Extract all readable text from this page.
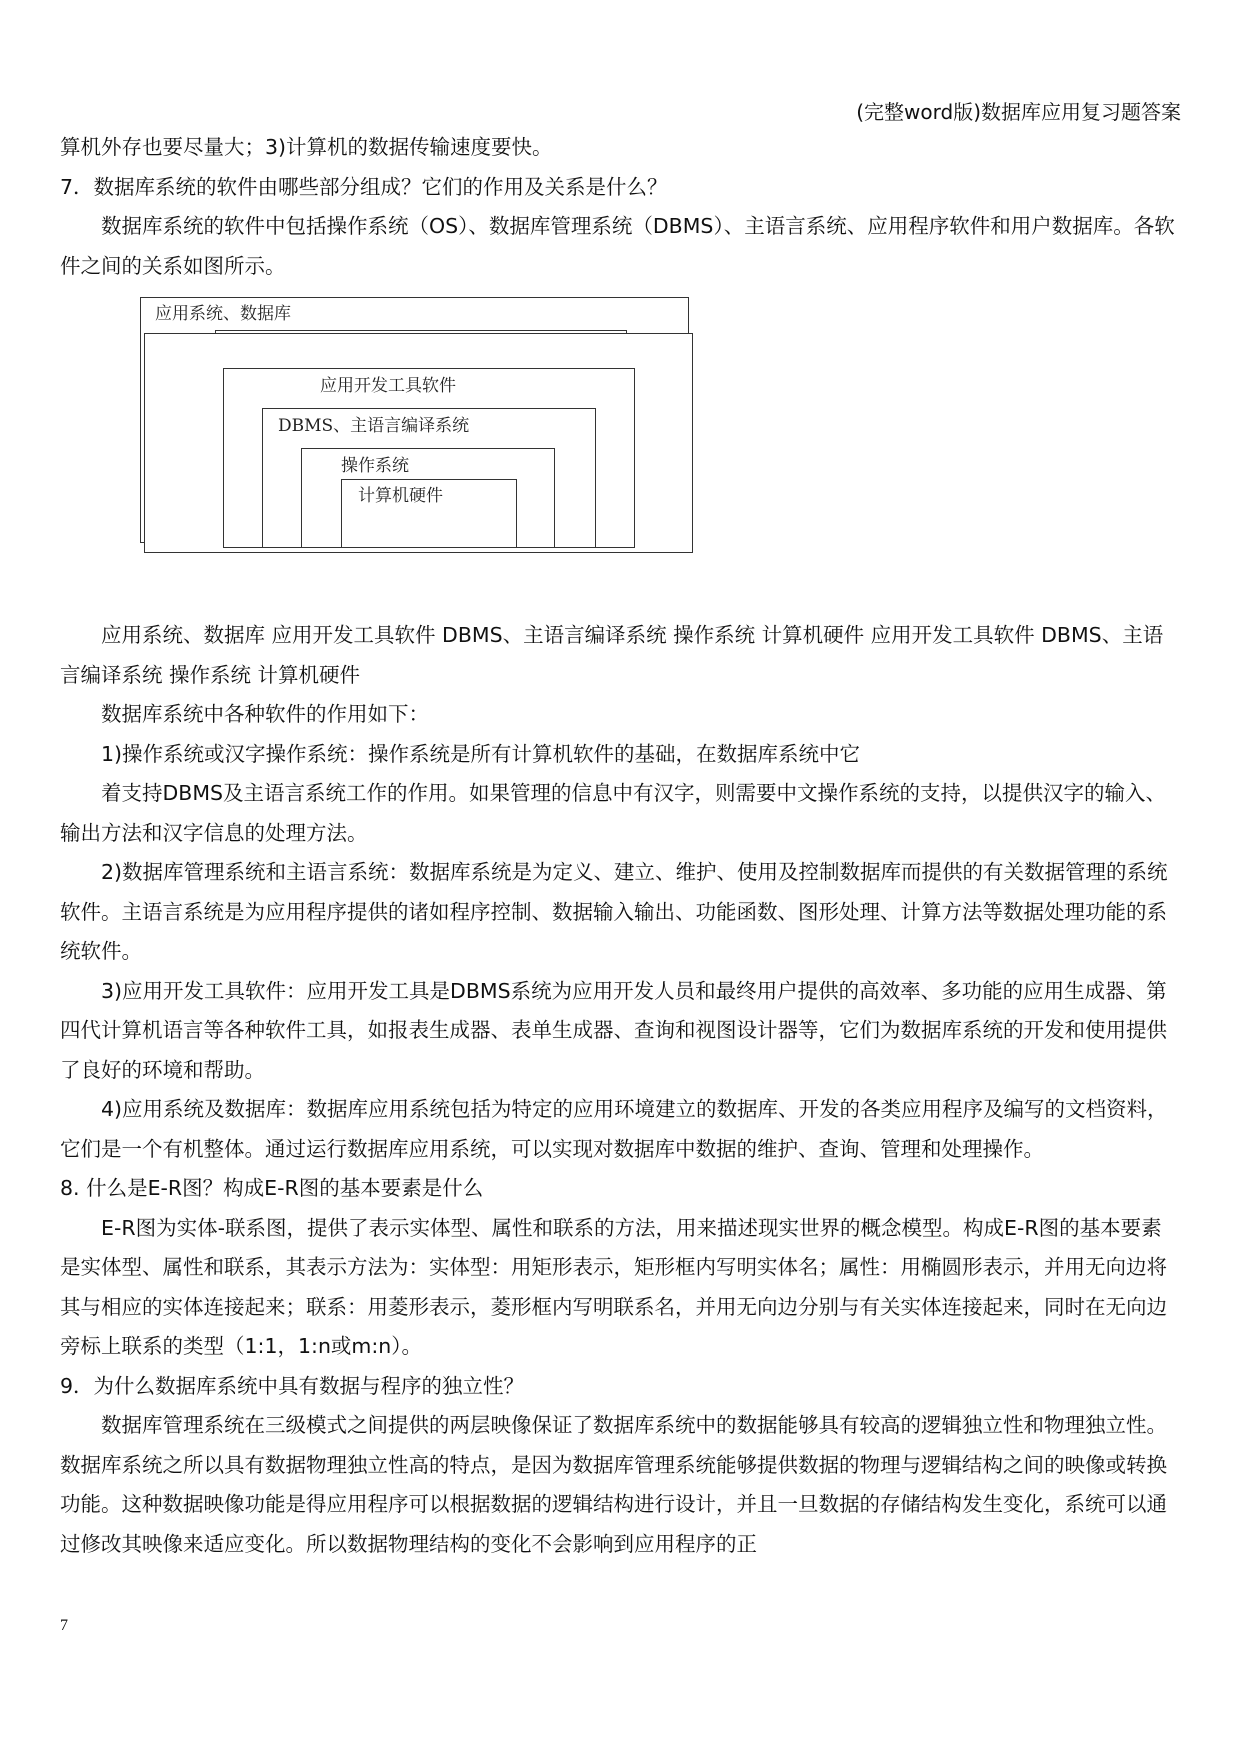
(完整word版)数据库应用复习题答案

算机外存也要尽量大；3)计算机的数据传输速度要快。

7．数据库系统的软件由哪些部分组成？它们的作用及关系是什么？

数据库系统的软件中包括操作系统（OS）、数据库管理系统（DBMS）、主语言系统、应用程序软件和用户数据库。各软件之间的关系如图所示。

应用系统、数据库
应用开发工具软件
DBMS、主语言编译系统
操作系统
计算机硬件

应用系统、数据库 应用开发工具软件 DBMS、主语言编译系统 操作系统 计算机硬件 应用开发工具软件 DBMS、主语言编译系统 操作系统 计算机硬件

数据库系统中各种软件的作用如下：

1)操作系统或汉字操作系统：操作系统是所有计算机软件的基础，在数据库系统中它

着支持DBMS及主语言系统工作的作用。如果管理的信息中有汉字，则需要中文操作系统的支持，以提供汉字的输入、输出方法和汉字信息的处理方法。

2)数据库管理系统和主语言系统：数据库系统是为定义、建立、维护、使用及控制数据库而提供的有关数据管理的系统软件。主语言系统是为应用程序提供的诸如程序控制、数据输入输出、功能函数、图形处理、计算方法等数据处理功能的系统软件。

3)应用开发工具软件：应用开发工具是DBMS系统为应用开发人员和最终用户提供的高效率、多功能的应用生成器、第四代计算机语言等各种软件工具，如报表生成器、表单生成器、查询和视图设计器等，它们为数据库系统的开发和使用提供了良好的环境和帮助。

4)应用系统及数据库：数据库应用系统包括为特定的应用环境建立的数据库、开发的各类应用程序及编写的文档资料，它们是一个有机整体。通过运行数据库应用系统，可以实现对数据库中数据的维护、查询、管理和处理操作。

8. 什么是E-R图？构成E-R图的基本要素是什么

E-R图为实体-联系图，提供了表示实体型、属性和联系的方法，用来描述现实世界的概念模型。构成E-R图的基本要素是实体型、属性和联系，其表示方法为：实体型：用矩形表示，矩形框内写明实体名；属性：用椭圆形表示，并用无向边将其与相应的实体连接起来；联系：用菱形表示，菱形框内写明联系名，并用无向边分别与有关实体连接起来，同时在无向边旁标上联系的类型（1:1，1:n或m:n）。

9．为什么数据库系统中具有数据与程序的独立性？

数据库管理系统在三级模式之间提供的两层映像保证了数据库系统中的数据能够具有较高的逻辑独立性和物理独立性。数据库系统之所以具有数据物理独立性高的特点，是因为数据库管理系统能够提供数据的物理与逻辑结构之间的映像或转换功能。这种数据映像功能是得应用程序可以根据数据的逻辑结构进行设计，并且一旦数据的存储结构发生变化，系统可以通过修改其映像来适应变化。所以数据物理结构的变化不会影响到应用程序的正

7
